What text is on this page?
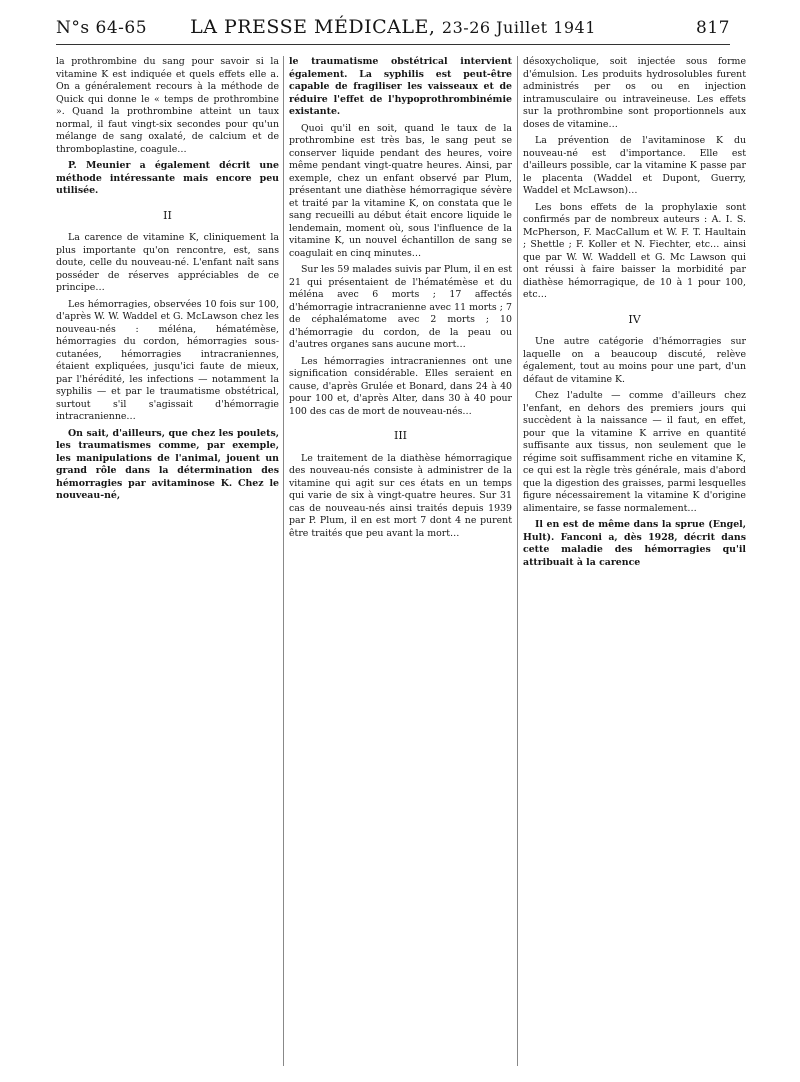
N°s 64-65	LA PRESSE MÉDICALE, 23-26 Juillet 1941	817

la prothrombine du sang pour savoir si la vitamine K est indiquée et quels effets elle a. On a généralement recours à la méthode de Quick qui donne le « temps de prothrombine ». Quand la prothrombine atteint un taux normal, il faut vingt-six secondes pour qu'un mélange de sang oxalaté, de calcium et de thromboplastine, coagule…

P. Meunier a également décrit une méthode intéressante mais encore peu utilisée.

II

La carence de vitamine K, cliniquement la plus importante qu'on rencontre, est, sans doute, celle du nouveau-né. L'enfant naît sans posséder de réserves appréciables de ce principe…

Les hémorragies, observées 10 fois sur 100, d'après W. W. Waddel et G. McLawson chez les nouveau-nés : méléna, hématémèse, hémorragies du cordon, hémorragies sous-cutanées, hémorragies intracraniennes, étaient expliquées, jusqu'ici faute de mieux, par l'hérédité, les infections — notamment la syphilis — et par le traumatisme obstétrical, surtout s'il s'agissait d'hémorragie intracranienne…

On sait, d'ailleurs, que chez les poulets, les traumatismes comme, par exemple, les manipulations de l'animal, jouent un grand rôle dans la détermination des hémorragies par avitaminose K. Chez le nouveau-né,

le traumatisme obstétrical intervient également. La syphilis est peut-être capable de fragiliser les vaisseaux et de réduire l'effet de l'hypoprothrombinémie existante.

Quoi qu'il en soit, quand le taux de la prothrombine est très bas, le sang peut se conserver liquide pendant des heures, voire même pendant vingt-quatre heures. Ainsi, par exemple, chez un enfant observé par Plum, présentant une diathèse hémorragique sévère et traité par la vitamine K, on constata que le sang recueilli au début était encore liquide le lendemain, moment où, sous l'influence de la vitamine K, un nouvel échantillon de sang se coagulait en cinq minutes…

Sur les 59 malades suivis par Plum, il en est 21 qui présentaient de l'hématémèse et du méléna avec 6 morts ; 17 affectés d'hémorragie intracranienne avec 11 morts ; 7 de céphalématome avec 2 morts ; 10 d'hémorragie du cordon, de la peau ou d'autres organes sans aucune mort…

Les hémorragies intracraniennes ont une signification considérable. Elles seraient en cause, d'après Grulée et Bonard, dans 24 à 40 pour 100 et, d'après Alter, dans 30 à 40 pour 100 des cas de mort de nouveau-nés…

III

Le traitement de la diathèse hémorragique des nouveau-nés consiste à administrer de la vitamine qui agit sur ces états en un temps qui varie de six à vingt-quatre heures. Sur 31 cas de nouveau-nés ainsi traités depuis 1939 par P. Plum, il en est mort 7 dont 4 ne purent être traités que peu avant la mort…

désoxycholique, soit injectée sous forme d'émulsion. Les produits hydrosolubles furent administrés per os ou en injection intramusculaire ou intraveineuse. Les effets sur la prothrombine sont proportionnels aux doses de vitamine…

La prévention de l'avitaminose K du nouveau-né est d'importance. Elle est d'ailleurs possible, car la vitamine K passe par le placenta (Waddel et Dupont, Guerry, Waddel et McLawson)…

Les bons effets de la prophylaxie sont confirmés par de nombreux auteurs : A. I. S. McPherson, F. MacCallum et W. F. T. Haultain ; Shettle ; F. Koller et N. Fiechter, etc… ainsi que par W. W. Waddell et G. Mc Lawson qui ont réussi à faire baisser la morbidité par diathèse hémorragique, de 10 à 1 pour 100, etc…

IV

Une autre catégorie d'hémorragies sur laquelle on a beaucoup discuté, relève également, tout au moins pour une part, d'un défaut de vitamine K.

Chez l'adulte — comme d'ailleurs chez l'enfant, en dehors des premiers jours qui succèdent à la naissance — il faut, en effet, pour que la vitamine K arrive en quantité suffisante aux tissus, non seulement que le régime soit suffisamment riche en vitamine K, ce qui est la règle très générale, mais d'abord que la digestion des graisses, parmi lesquelles figure nécessairement la vitamine K d'origine alimentaire, se fasse normalement…

Il en est de même dans la sprue (Engel, Hult). Fanconi a, dès 1928, décrit dans cette maladie des hémorragies qu'il attribuait à la carence
